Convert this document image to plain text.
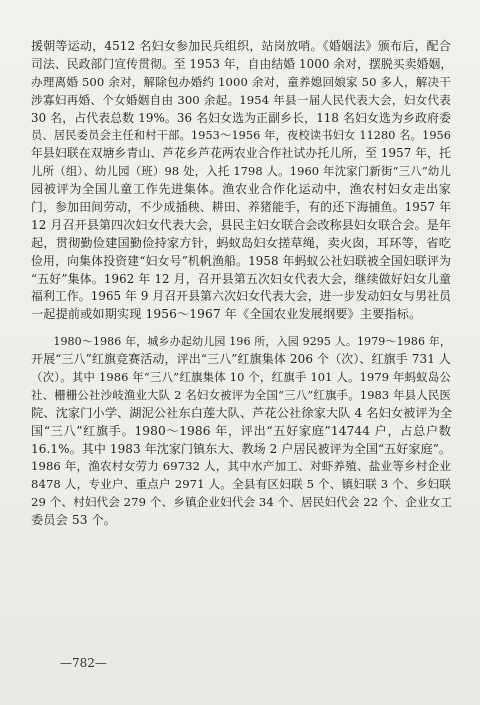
援朝等运动，4512 名妇女参加民兵组织，站岗放哨。《婚姻法》颁布后，配合
司法、民政部门宣传贯彻。至 1953 年，自由结婚 1000 余对，摆脱买卖婚姻，
办理离婚 500 余对，解除包办婚约 1000 余对，童养媳回娘家 50 多人，解决干
涉寡妇再婚、个女婚姻自由 300 余起。1954 年县一届人民代表大会，妇女代表
30 名，占代表总数 19%。36 名妇女选为正副乡长，118 名妇女选为乡政府委
员、居民委员会主任和村干部。1953～1956 年，夜校读书妇女 11280 名。1956
年县妇联在双塘乡青山、芦花乡芦花两农业合作社试办托儿所，至 1957 年，托
儿所（组）、幼儿园（班）98 处，入托 1798 人。1960 年沈家门新街“三八”幼儿
园被评为全国儿童工作先进集体。渔农业合作化运动中，渔农村妇女走出家
门，参加田间劳动，不少成插秧、耕田、养猪能手，有的还下海捕鱼。1957 年
12 月召开县第四次妇女代表大会，县民主妇女联合会改称县妇女联合会。是年
起，贯彻勤俭建国勤俭持家方针，蚂蚁岛妇女搓草绳，卖火囱，耳环等，省吃
俭用，向集体投资建“妇女号”机帆渔船。1958 年蚂蚁公社妇联被全国妇联评为
“五好”集体。1962 年 12 月，召开县第五次妇女代表大会，继续做好妇女儿童
福利工作。1965 年 9 月召开县第六次妇女代表大会，进一步发动妇女与男社员
一起提前或如期实现 1956～1967 年《全国农业发展纲要》主要指标。
　　1980～1986 年，城乡办起幼儿园 196 所，入园 9295 人。1979～1986 年，
开展“三八”红旗竞赛活动，评出“三八”红旗集体 206 个（次）、红旗手 731 人
（次）。其中 1986 年“三八”红旗集体 10 个，红旗手 101 人。1979 年蚂蚁岛公
社、栅栅公社沙岐渔业大队 2 名妇女被评为全国“三八”红旗手。1983 年县人民医
院、沈家门小学、湖泥公社东白莲大队、芦花公社徐家大队 4 名妇女被评为全
国“三八”红旗手。1980～1986 年，评出“五好家庭”14744 户，占总户数
16.1%。其中 1983 年沈家门镇东大、教场 2 户居民被评为全国“五好家庭”。
1986 年，渔农村女劳力 69732 人，其中水产加工、对虾养殖、盐业等乡村企业
8478 人，专业户、重点户 2971 人。全县有区妇联 5 个、镇妇联 3 个、乡妇联
29 个、村妇代会 279 个、乡镇企业妇代会 34 个、居民妇代会 22 个、企业女工
委员会 53 个。
—782—
